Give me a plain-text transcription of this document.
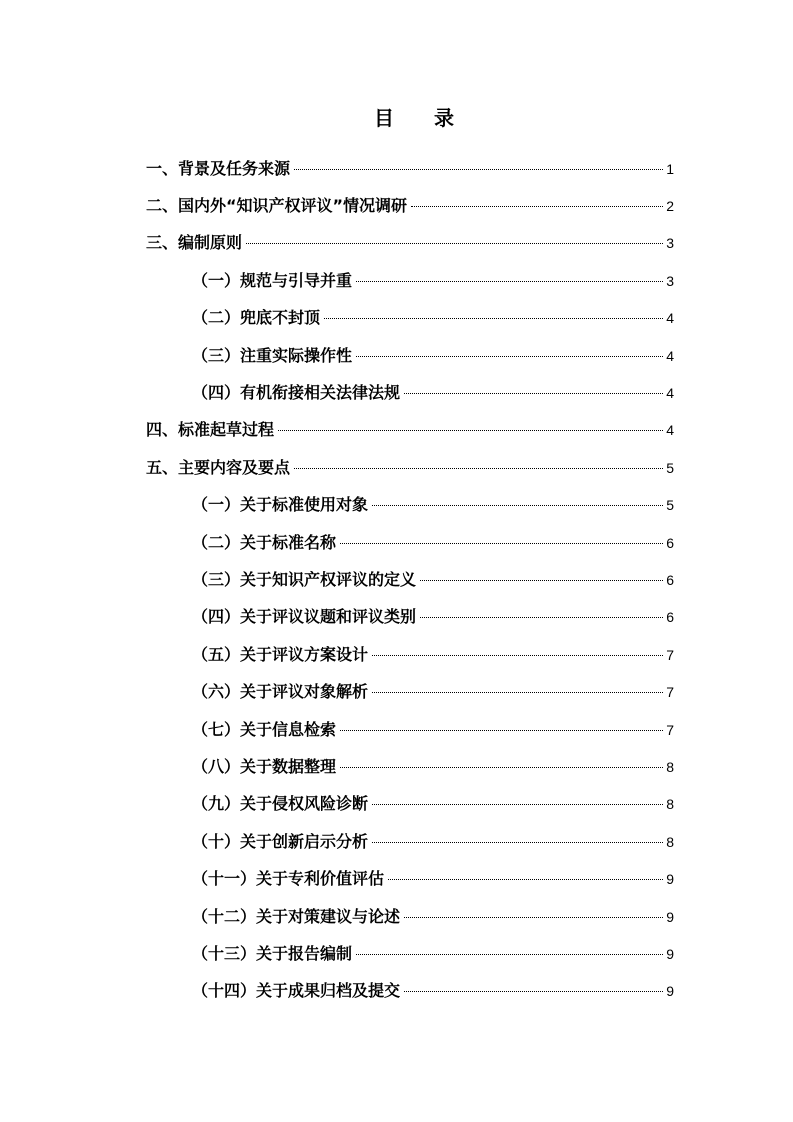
目 录
一、背景及任务来源	1
二、国内外“知识产权评议”情况调研	2
三、编制原则	3
（一）规范与引导并重	3
（二）兜底不封顶	4
（三）注重实际操作性	4
（四）有机衔接相关法律法规	4
四、标准起草过程	4
五、主要内容及要点	5
（一）关于标准使用对象	5
（二）关于标准名称	6
（三）关于知识产权评议的定义	6
（四）关于评议议题和评议类别	6
（五）关于评议方案设计	7
（六）关于评议对象解析	7
（七）关于信息检索	7
（八）关于数据整理	8
（九）关于侵权风险诊断	8
（十）关于创新启示分析	8
（十一）关于专利价值评估	9
（十二）关于对策建议与论述	9
（十三）关于报告编制	9
（十四）关于成果归档及提交	9
